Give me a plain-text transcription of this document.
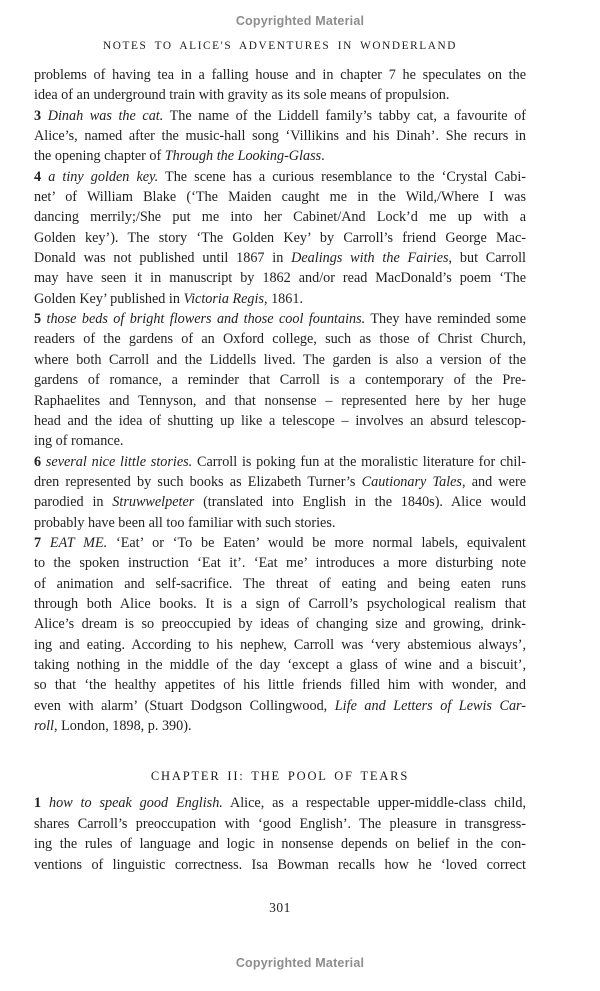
Copyrighted Material
NOTES TO ALICE'S ADVENTURES IN WONDERLAND
problems of having tea in a falling house and in chapter 7 he speculates on the
idea of an underground train with gravity as its sole means of propulsion.
3 Dinah was the cat. The name of the Liddell family’s tabby cat, a favourite of
Alice’s, named after the music-hall song ‘Villikins and his Dinah’. She recurs in
the opening chapter of Through the Looking-Glass.
4 a tiny golden key. The scene has a curious resemblance to the ‘Crystal Cabi-
net’ of William Blake (‘The Maiden caught me in the Wild,/Where I was
dancing merrily;/She put me into her Cabinet/And Lock’d me up with a
Golden key’). The story ‘The Golden Key’ by Carroll’s friend George Mac-
Donald was not published until 1867 in Dealings with the Fairies, but Carroll
may have seen it in manuscript by 1862 and/or read MacDonald’s poem ‘The
Golden Key’ published in Victoria Regis, 1861.
5 those beds of bright flowers and those cool fountains. They have reminded some
readers of the gardens of an Oxford college, such as those of Christ Church,
where both Carroll and the Liddells lived. The garden is also a version of the
gardens of romance, a reminder that Carroll is a contemporary of the Pre-
Raphaelites and Tennyson, and that nonsense – represented here by her huge
head and the idea of shutting up like a telescope – involves an absurd telescop-
ing of romance.
6 several nice little stories. Carroll is poking fun at the moralistic literature for chil-
dren represented by such books as Elizabeth Turner’s Cautionary Tales, and were
parodied in Struwwelpeter (translated into English in the 1840s). Alice would
probably have been all too familiar with such stories.
7 EAT ME. ‘Eat’ or ‘To be Eaten’ would be more normal labels, equivalent
to the spoken instruction ‘Eat it’. ‘Eat me’ introduces a more disturbing note
of animation and self-sacrifice. The threat of eating and being eaten runs
through both Alice books. It is a sign of Carroll’s psychological realism that
Alice’s dream is so preoccupied by ideas of changing size and growing, drink-
ing and eating. According to his nephew, Carroll was ‘very abstemious always’,
taking nothing in the middle of the day ‘except a glass of wine and a biscuit’,
so that ‘the healthy appetites of his little friends filled him with wonder, and
even with alarm’ (Stuart Dodgson Collingwood, Life and Letters of Lewis Car-
roll, London, 1898, p. 390).
CHAPTER II: THE POOL OF TEARS
1 how to speak good English. Alice, as a respectable upper-middle-class child,
shares Carroll’s preoccupation with ‘good English’. The pleasure in transgress-
ing the rules of language and logic in nonsense depends on belief in the con-
ventions of linguistic correctness. Isa Bowman recalls how he ‘loved correct
301
Copyrighted Material
